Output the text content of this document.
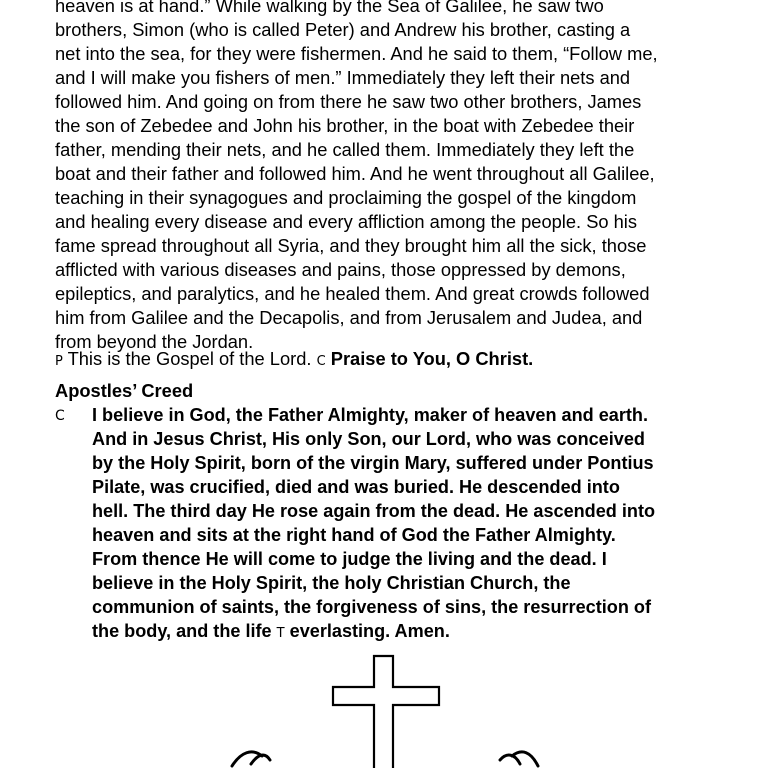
heaven is at hand.” While walking by the Sea of Galilee, he saw two
brothers, Simon (who is called Peter) and Andrew his brother, casting a
net into the sea, for they were fishermen. And he said to them, “Follow me,
and I will make you fishers of men.” Immediately they left their nets and
followed him. And going on from there he saw two other brothers, James
the son of Zebedee and John his brother, in the boat with Zebedee their
father, mending their nets, and he called them. Immediately they left the
boat and their father and followed him. And he went throughout all Galilee,
teaching in their synagogues and proclaiming the gospel of the kingdom
and healing every disease and every affliction among the people. So his
fame spread throughout all Syria, and they brought him all the sick, those
afflicted with various diseases and pains, those oppressed by demons,
epileptics, and paralytics, and he healed them. And great crowds followed
him from Galilee and the Decapolis, and from Jerusalem and Judea, and
from beyond the Jordan.
P This is the Gospel of the Lord. C Praise to You, O Christ.
Apostles’ Creed
C I believe in God, the Father Almighty, maker of heaven and earth.
And in Jesus Christ, His only Son, our Lord, who was conceived
by the Holy Spirit, born of the virgin Mary, suffered under Pontius
Pilate, was crucified, died and was buried. He descended into
hell. The third day He rose again from the dead. He ascended into
heaven and sits at the right hand of God the Father Almighty.
From thence He will come to judge the living and the dead. I
believe in the Holy Spirit, the holy Christian Church, the
communion of saints, the forgiveness of sins, the resurrection of
the body, and the life T everlasting. Amen.
